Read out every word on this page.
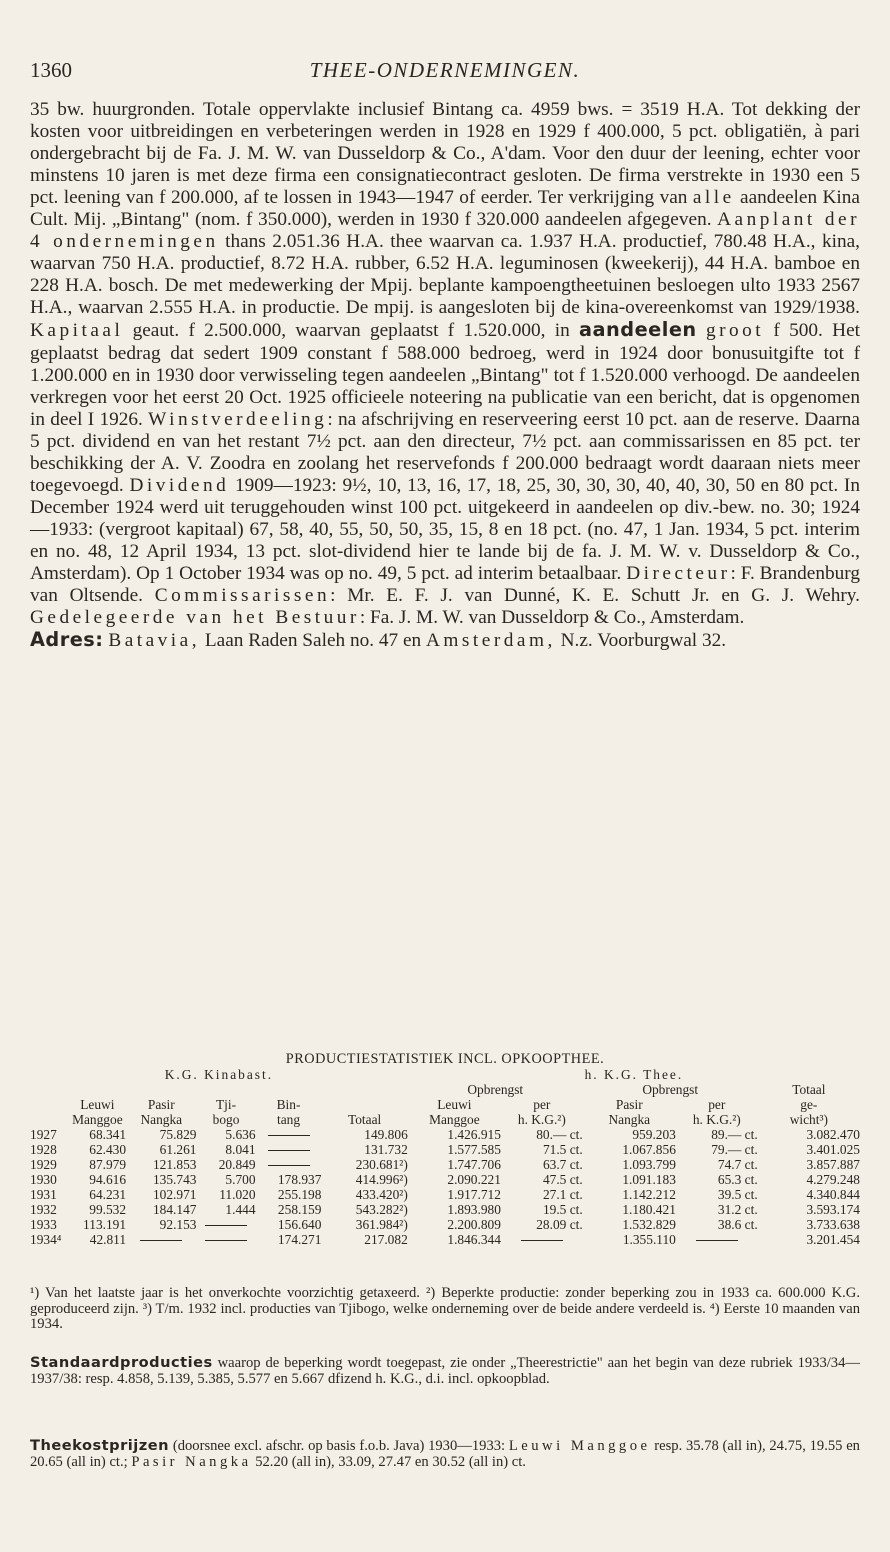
1360	THEE-ONDERNEMINGEN.

35 bw. huurgronden. Totale oppervlakte inclusief Bintang ca. 4959 bws. = 3519 H.A. Tot dekking der kosten voor uitbreidingen en verbeteringen werden in 1928 en 1929 f 400.000, 5 pct. obligatiën, à pari ondergebracht bij de Fa. J. M. W. van Dusseldorp & Co., A'dam. Voor den duur der leening, echter voor minstens 10 jaren is met deze firma een consignatiecontract gesloten. De firma verstrekte in 1930 een 5 pct. leening van f 200.000, af te lossen in 1943—1947 of eerder. Ter verkrijging van alle aandeelen Kina Cult. Mij. „Bintang" (nom. f 350.000), werden in 1930 f 320.000 aandeelen afgegeven. Aanplant der 4 ondernemingen thans 2.051.36 H.A. thee waarvan ca. 1.937 H.A. productief, 780.48 H.A., kina, waarvan 750 H.A. productief, 8.72 H.A. rubber, 6.52 H.A. leguminosen (kweekerij), 44 H.A. bamboe en 228 H.A. bosch. De met medewerking der Mpij. beplante kampoengtheetuinen besloegen ulto 1933 2567 H.A., waarvan 2.555 H.A. in productie. De mpij. is aangesloten bij de kina-overeenkomst van 1929/1938. Kapitaal geaut. f 2.500.000, waarvan geplaatst f 1.520.000, in aandeelen groot f 500. Het geplaatst bedrag dat sedert 1909 constant f 588.000 bedroeg, werd in 1924 door bonusuitgifte tot f 1.200.000 en in 1930 door verwisseling tegen aandeelen „Bintang" tot f 1.520.000 verhoogd. De aandeelen verkregen voor het eerst 20 Oct. 1925 officieele noteering na publicatie van een bericht, dat is opgenomen in deel I 1926. Winstverdeeling: na afschrijving en reserveering eerst 10 pct. aan de reserve. Daarna 5 pct. dividend en van het restant 7½ pct. aan den directeur, 7½ pct. aan commissarissen en 85 pct. ter beschikking der A. V. Zoodra en zoolang het reservefonds f 200.000 bedraagt wordt daaraan niets meer toegevoegd. Dividend 1909—1923: 9½, 10, 13, 16, 17, 18, 25, 30, 30, 30, 40, 40, 30, 50 en 80 pct. In December 1924 werd uit teruggehouden winst 100 pct. uitgekeerd in aandeelen op div.-bew. no. 30; 1924—1933: (vergroot kapitaal) 67, 58, 40, 55, 50, 50, 35, 15, 8 en 18 pct. (no. 47, 1 Jan. 1934, 5 pct. interim en no. 48, 12 April 1934, 13 pct. slot-dividend hier te lande bij de fa. J. M. W. v. Dusseldorp & Co., Amsterdam). Op 1 October 1934 was op no. 49, 5 pct. ad interim betaalbaar. Directeur: F. Brandenburg van Oltsende. Commissarissen: Mr. E. F. J. van Dunné, K. E. Schutt Jr. en G. J. Wehry. Gedelegeerde van het Bestuur: Fa. J. M. W. van Dusseldorp & Co., Amsterdam.

Adres: Batavia, Laan Raden Saleh no. 47 en Amsterdam, N.z. Voorburgwal 32.

PRODUCTIESTATISTIEK INCL. OPKOOPTHEE.
K.G. Kinabast.						h. K.G. Thee.				
						Opbrengst		Opbrengst		Totaal
	Leuwi	Pasir	Tji-	Bin-		Leuwi	per	Pasir	per	ge-
	Manggoe	Nangka	bogo	tang	Totaal	Manggoe	h. K.G.²)	Nangka	h. K.G.²)	wicht³)
1927	68.341	75.829	5.636		149.806	1.426.915	80.— ct.	959.203	89.— ct.	3.082.470
1928	62.430	61.261	8.041		131.732	1.577.585	71.5 ct.	1.067.856	79.— ct.	3.401.025
1929	87.979	121.853	20.849		230.681²)	1.747.706	63.7 ct.	1.093.799	74.7 ct.	3.857.887
1930	94.616	135.743	5.700	178.937	414.996²)	2.090.221	47.5 ct.	1.091.183	65.3 ct.	4.279.248
1931	64.231	102.971	11.020	255.198	433.420²)	1.917.712	27.1 ct.	1.142.212	39.5 ct.	4.340.844
1932	99.532	184.147	1.444	258.159	543.282²)	1.893.980	19.5 ct.	1.180.421	31.2 ct.	3.593.174
1933	113.191	92.153		156.640	361.984²)	2.200.809	28.09 ct.	1.532.829	38.6 ct.	3.733.638
1934⁴	42.811			174.271	217.082	1.846.344		1.355.110		3.201.454

¹) Van het laatste jaar is het onverkochte voorzichtig getaxeerd. ²) Beperkte productie: zonder beperking zou in 1933 ca. 600.000 K.G. geproduceerd zijn. ³) T/m. 1932 incl. producties van Tjibogo, welke onderneming over de beide andere verdeeld is. ⁴) Eerste 10 maanden van 1934.

Standaardproducties waarop de beperking wordt toegepast, zie onder „Theerestrictie" aan het begin van deze rubriek 1933/34—1937/38: resp. 4.858, 5.139, 5.385, 5.577 en 5.667 dfizend h. K.G., d.i. incl. opkoopblad.

Theekostprijzen (doorsnee excl. afschr. op basis f.o.b. Java) 1930—1933: Leuwi Manggoe resp. 35.78 (all in), 24.75, 19.55 en 20.65 (all in) ct.; Pasir Nangka 52.20 (all in), 33.09, 27.47 en 30.52 (all in) ct.
